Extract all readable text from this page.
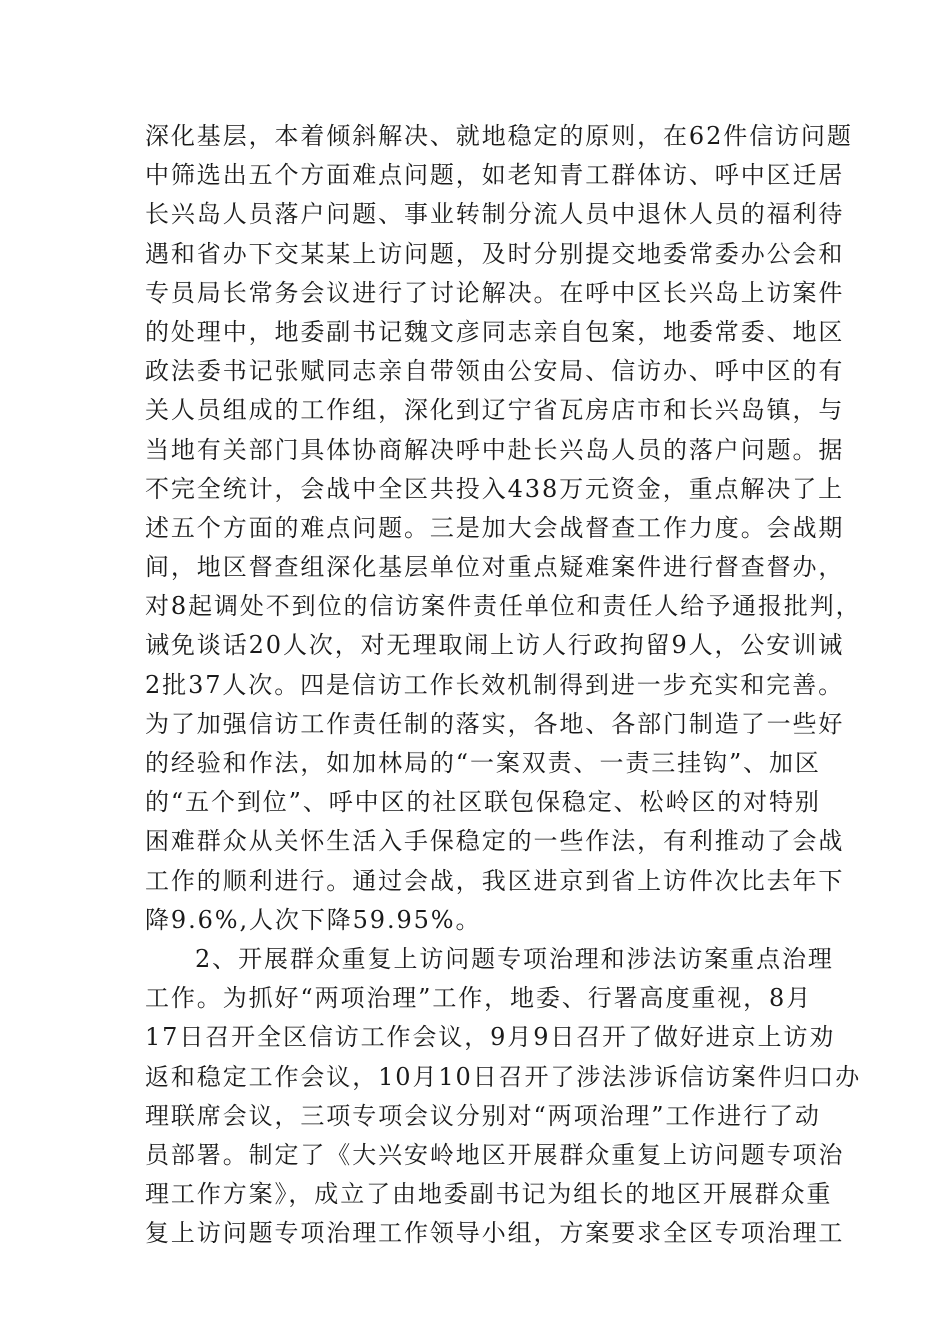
深化基层，本着倾斜解决、就地稳定的原则，在62件信访问题
中筛选出五个方面难点问题，如老知青工群体访、呼中区迁居
长兴岛人员落户问题、事业转制分流人员中退休人员的福利待
遇和省办下交某某上访问题，及时分别提交地委常委办公会和
专员局长常务会议进行了讨论解决。在呼中区长兴岛上访案件
的处理中，地委副书记魏文彦同志亲自包案，地委常委、地区
政法委书记张赋同志亲自带领由公安局、信访办、呼中区的有
关人员组成的工作组，深化到辽宁省瓦房店市和长兴岛镇，与
当地有关部门具体协商解决呼中赴长兴岛人员的落户问题。据
不完全统计，会战中全区共投入438万元资金，重点解决了上
述五个方面的难点问题。三是加大会战督查工作力度。会战期
间，地区督查组深化基层单位对重点疑难案件进行督查督办，
对8起调处不到位的信访案件责任单位和责任人给予通报批判，
诫免谈话20人次，对无理取闹上访人行政拘留9人，公安训诫
2批37人次。四是信访工作长效机制得到进一步充实和完善。
为了加强信访工作责任制的落实，各地、各部门制造了一些好
的经验和作法，如加林局的“一案双责、一责三挂钩”、加区
的“五个到位”、呼中区的社区联包保稳定、松岭区的对特别
困难群众从关怀生活入手保稳定的一些作法，有利推动了会战
工作的顺利进行。通过会战，我区进京到省上访件次比去年下
降9.6%,人次下降59.95%。
2、开展群众重复上访问题专项治理和涉法访案重点治理
工作。为抓好“两项治理”工作，地委、行署高度重视，8月
17日召开全区信访工作会议，9月9日召开了做好进京上访劝
返和稳定工作会议，10月10日召开了涉法涉诉信访案件归口办
理联席会议，三项专项会议分别对“两项治理”工作进行了动
员部署。制定了《大兴安岭地区开展群众重复上访问题专项治
理工作方案》，成立了由地委副书记为组长的地区开展群众重
复上访问题专项治理工作领导小组，方案要求全区专项治理工
